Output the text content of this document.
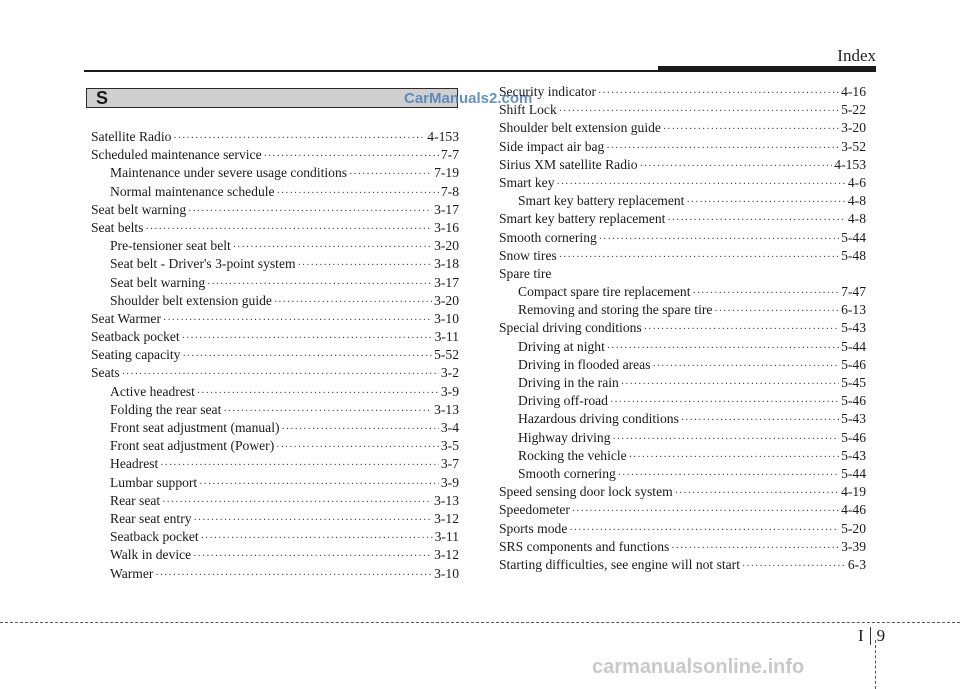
Index
S	CarManuals2.com
Satellite Radio ·····	4-153
Scheduled maintenance service ·····	7-7
Maintenance under severe usage conditions ·····	7-19
Normal maintenance schedule ·····	7-8
Seat belt warning ·····	3-17
Seat belts ·····	3-16
Pre-tensioner seat belt ·····	3-20
Seat belt - Driver's 3-point system ·····	3-18
Seat belt warning ·····	3-17
Shoulder belt extension guide ·····	3-20
Seat Warmer ·····	3-10
Seatback pocket ·····	3-11
Seating capacity ·····	5-52
Seats ·····	3-2
Active headrest ·····	3-9
Folding the rear seat ·····	3-13
Front seat adjustment (manual) ·····	3-4
Front seat adjustment (Power) ·····	3-5
Headrest ·····	3-7
Lumbar support ·····	3-9
Rear seat ·····	3-13
Rear seat entry ·····	3-12
Seatback pocket ·····	3-11
Walk in device ·····	3-12
Warmer ·····	3-10
Security indicator ·····	4-16
Shift Lock ·····	5-22
Shoulder belt extension guide ·····	3-20
Side impact air bag ·····	3-52
Sirius XM satellite Radio ·····	4-153
Smart key ·····	4-6
Smart key battery replacement ·····	4-8
Smart key battery replacement ·····	4-8
Smooth cornering ·····	5-44
Snow tires ·····	5-48
Spare tire
Compact spare tire replacement ·····	7-47
Removing and storing the spare tire ·····	6-13
Special driving conditions ·····	5-43
Driving at night ·····	5-44
Driving in flooded areas ·····	5-46
Driving in the rain ·····	5-45
Driving off-road ·····	5-46
Hazardous driving conditions ·····	5-43
Highway driving ·····	5-46
Rocking the vehicle ·····	5-43
Smooth cornering ·····	5-44
Speed sensing door lock system ·····	4-19
Speedometer ·····	4-46
Sports mode ·····	5-20
SRS components and functions ·····	3-39
Starting difficulties, see engine will not start ·····	6-3
I 9
carmanualsonline.info
